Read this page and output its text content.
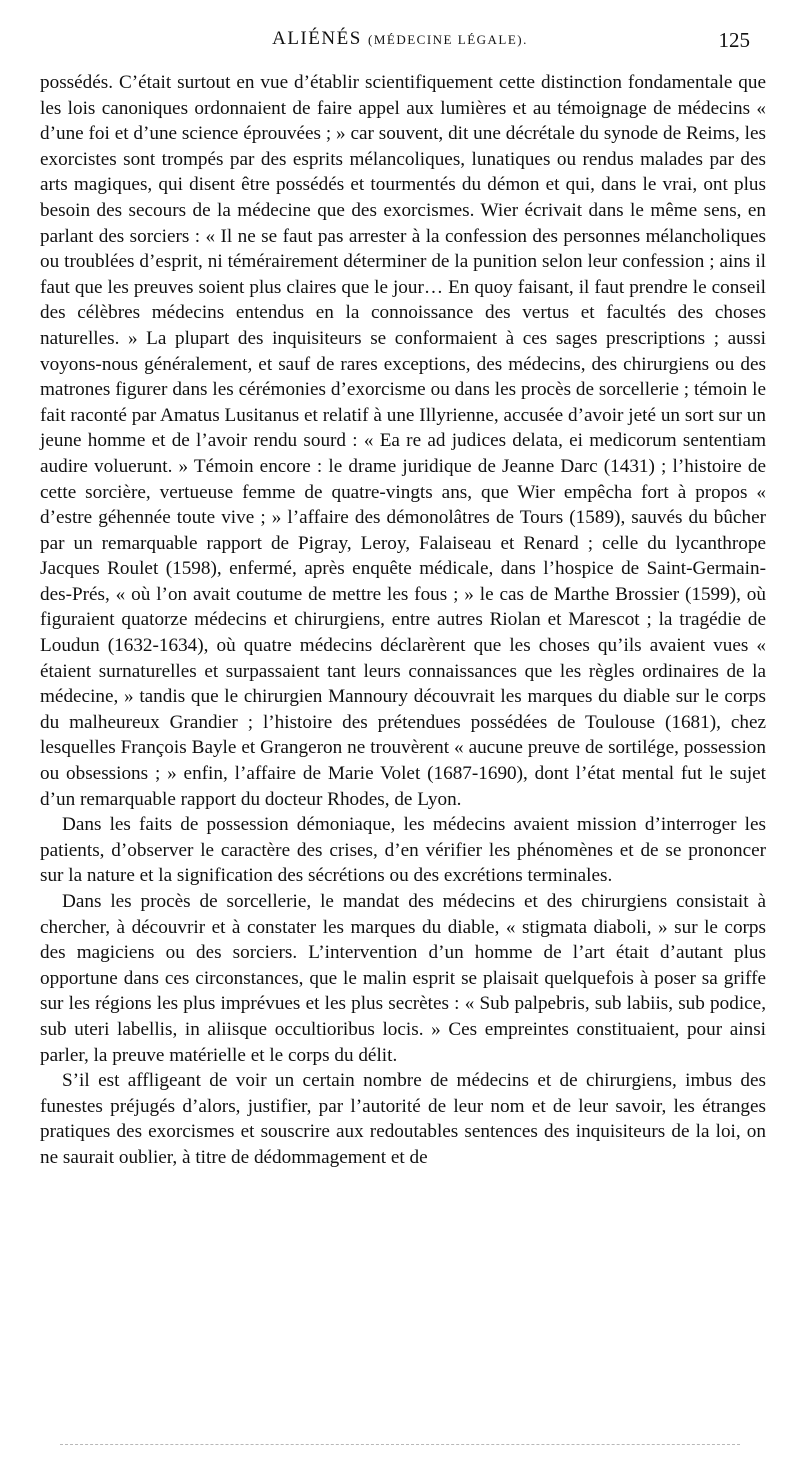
ALIÉNÉS (MÉDECINE LÉGALE).	125

possédés. C’était surtout en vue d’établir scientifiquement cette distinction fondamentale que les lois canoniques ordonnaient de faire appel aux lumières et au témoignage de médecins « d’une foi et d’une science éprouvées ; » car souvent, dit une décrétale du synode de Reims, les exorcistes sont trompés par des esprits mélancoliques, lunatiques ou rendus malades par des arts magiques, qui disent être possédés et tourmentés du démon et qui, dans le vrai, ont plus besoin des secours de la médecine que des exorcismes. Wier écrivait dans le même sens, en parlant des sorciers : « Il ne se faut pas arrester à la confession des personnes mélancholiques ou troublées d’esprit, ni témérairement déterminer de la punition selon leur confession ; ains il faut que les preuves soient plus claires que le jour… En quoy faisant, il faut prendre le conseil des célèbres médecins entendus en la connoissance des vertus et facultés des choses naturelles. » La plupart des inquisiteurs se conformaient à ces sages prescriptions ; aussi voyons-nous généralement, et sauf de rares exceptions, des médecins, des chirurgiens ou des matrones figurer dans les cérémonies d’exorcisme ou dans les procès de sorcellerie ; témoin le fait raconté par Amatus Lusitanus et relatif à une Illyrienne, accusée d’avoir jeté un sort sur un jeune homme et de l’avoir rendu sourd : « Ea re ad judices delata, ei medicorum sententiam audire voluerunt. » Témoin encore : le drame juridique de Jeanne Darc (1431) ; l’histoire de cette sorcière, vertueuse femme de quatre-vingts ans, que Wier empêcha fort à propos « d’estre géhennée toute vive ; » l’affaire des démonolâtres de Tours (1589), sauvés du bûcher par un remarquable rapport de Pigray, Leroy, Falaiseau et Renard ; celle du lycanthrope Jacques Roulet (1598), enfermé, après enquête médicale, dans l’hospice de Saint-Germain-des-Prés, « où l’on avait coutume de mettre les fous ; » le cas de Marthe Brossier (1599), où figuraient quatorze médecins et chirurgiens, entre autres Riolan et Marescot ; la tragédie de Loudun (1632-1634), où quatre médecins déclarèrent que les choses qu’ils avaient vues « étaient surnaturelles et surpassaient tant leurs connaissances que les règles ordinaires de la médecine, » tandis que le chirurgien Mannoury découvrait les marques du diable sur le corps du malheureux Grandier ; l’histoire des prétendues possédées de Toulouse (1681), chez lesquelles François Bayle et Grangeron ne trouvèrent « aucune preuve de sortilége, possession ou obsessions ; » enfin, l’affaire de Marie Volet (1687-1690), dont l’état mental fut le sujet d’un remarquable rapport du docteur Rhodes, de Lyon.

Dans les faits de possession démoniaque, les médecins avaient mission d’interroger les patients, d’observer le caractère des crises, d’en vérifier les phénomènes et de se prononcer sur la nature et la signification des sécrétions ou des excrétions terminales.

Dans les procès de sorcellerie, le mandat des médecins et des chirurgiens consistait à chercher, à découvrir et à constater les marques du diable, « stigmata diaboli, » sur le corps des magiciens ou des sorciers. L’intervention d’un homme de l’art était d’autant plus opportune dans ces circonstances, que le malin esprit se plaisait quelquefois à poser sa griffe sur les régions les plus imprévues et les plus secrètes : « Sub palpebris, sub labiis, sub podice, sub uteri labellis, in aliisque occultioribus locis. » Ces empreintes constituaient, pour ainsi parler, la preuve matérielle et le corps du délit.

S’il est affligeant de voir un certain nombre de médecins et de chirurgiens, imbus des funestes préjugés d’alors, justifier, par l’autorité de leur nom et de leur savoir, les étranges pratiques des exorcismes et souscrire aux redoutables sentences des inquisiteurs de la loi, on ne saurait oublier, à titre de dédommagement et de
